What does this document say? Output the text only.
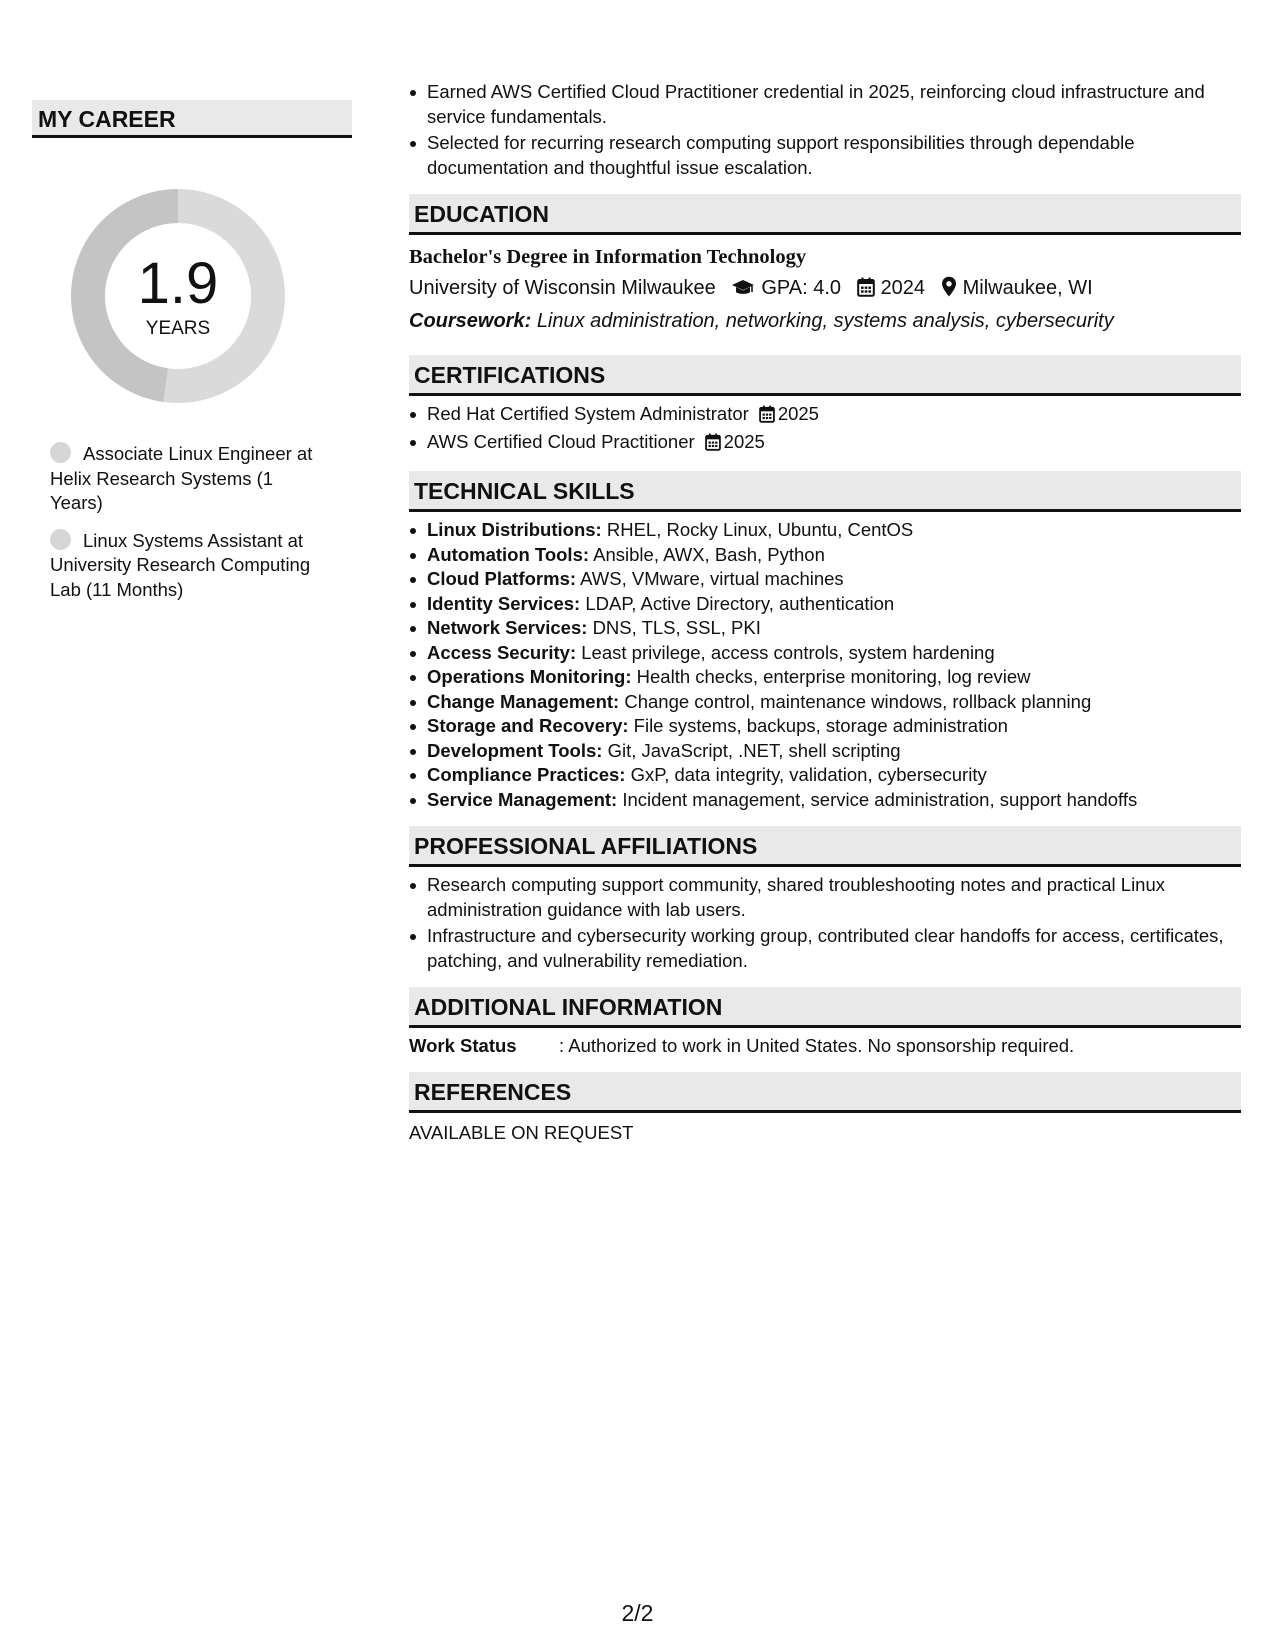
MY CAREER
1.9
YEARS
Associate Linux Engineer at Helix Research Systems (1 Years)
Linux Systems Assistant at University Research Computing Lab (11 Months)
Earned AWS Certified Cloud Practitioner credential in 2025, reinforcing cloud infrastructure and service fundamentals.
Selected for recurring research computing support responsibilities through dependable documentation and thoughtful issue escalation.
EDUCATION
Bachelor's Degree in Information Technology
University of Wisconsin Milwaukee GPA: 4.0 2024 Milwaukee, WI
Coursework: Linux administration, networking, systems analysis, cybersecurity
CERTIFICATIONS
Red Hat Certified System Administrator 2025
AWS Certified Cloud Practitioner 2025
TECHNICAL SKILLS
Linux Distributions: RHEL, Rocky Linux, Ubuntu, CentOS
Automation Tools: Ansible, AWX, Bash, Python
Cloud Platforms: AWS, VMware, virtual machines
Identity Services: LDAP, Active Directory, authentication
Network Services: DNS, TLS, SSL, PKI
Access Security: Least privilege, access controls, system hardening
Operations Monitoring: Health checks, enterprise monitoring, log review
Change Management: Change control, maintenance windows, rollback planning
Storage and Recovery: File systems, backups, storage administration
Development Tools: Git, JavaScript, .NET, shell scripting
Compliance Practices: GxP, data integrity, validation, cybersecurity
Service Management: Incident management, service administration, support handoffs
PROFESSIONAL AFFILIATIONS
Research computing support community, shared troubleshooting notes and practical Linux administration guidance with lab users.
Infrastructure and cybersecurity working group, contributed clear handoffs for access, certificates, patching, and vulnerability remediation.
ADDITIONAL INFORMATION
Work Status : Authorized to work in United States. No sponsorship required.
REFERENCES
AVAILABLE ON REQUEST
2/2
